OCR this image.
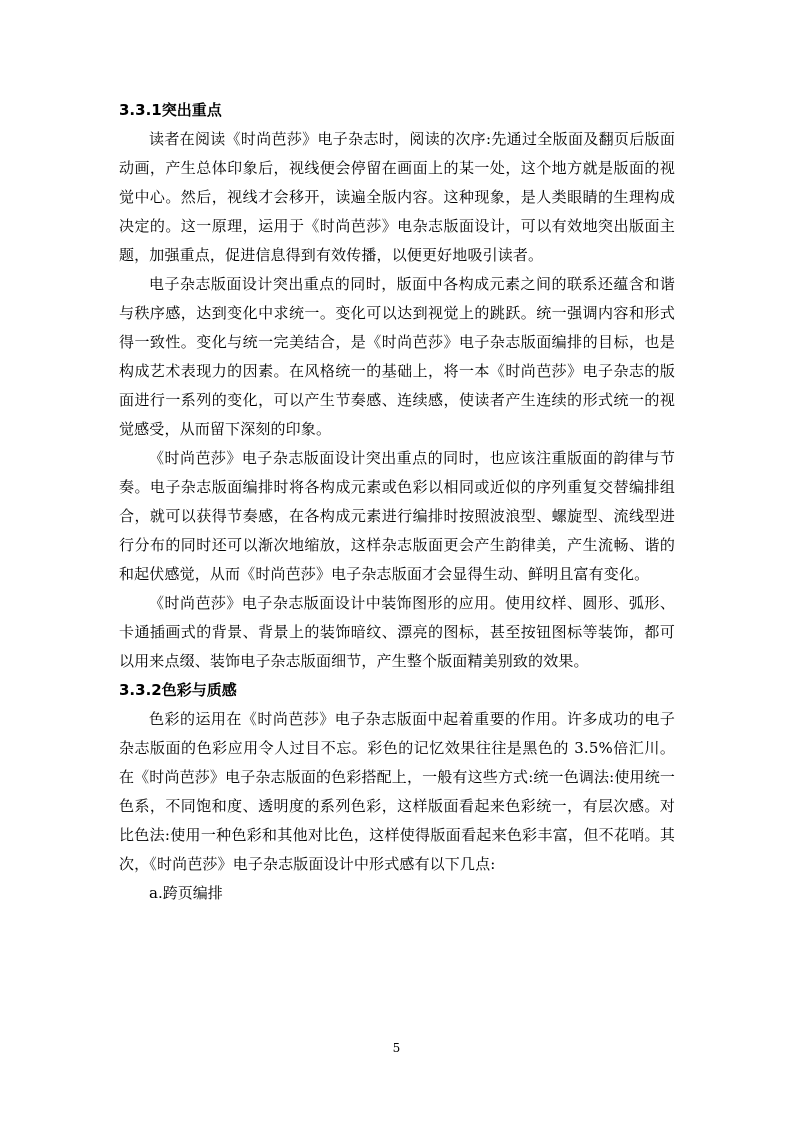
3.3.1突出重点

读者在阅读《时尚芭莎》电子杂志时，阅读的次序:先通过全版面及翻页后版面动画，产生总体印象后，视线便会停留在画面上的某一处，这个地方就是版面的视觉中心。然后，视线才会移开，读遍全版内容。这种现象，是人类眼睛的生理构成决定的。这一原理，运用于《时尚芭莎》电杂志版面设计，可以有效地突出版面主题，加强重点，促进信息得到有效传播，以便更好地吸引读者。

电子杂志版面设计突出重点的同时，版面中各构成元素之间的联系还蕴含和谐与秩序感，达到变化中求统一。变化可以达到视觉上的跳跃。统一强调内容和形式得一致性。变化与统一完美结合，是《时尚芭莎》电子杂志版面编排的目标，也是构成艺术表现力的因素。在风格统一的基础上，将一本《时尚芭莎》电子杂志的版面进行一系列的变化，可以产生节奏感、连续感，使读者产生连续的形式统一的视觉感受，从而留下深刻的印象。

《时尚芭莎》电子杂志版面设计突出重点的同时，也应该注重版面的韵律与节奏。电子杂志版面编排时将各构成元素或色彩以相同或近似的序列重复交替编排组合，就可以获得节奏感，在各构成元素进行编排时按照波浪型、螺旋型、流线型进行分布的同时还可以渐次地缩放，这样杂志版面更会产生韵律美，产生流畅、谐的和起伏感觉，从而《时尚芭莎》电子杂志版面才会显得生动、鲜明且富有变化。

《时尚芭莎》电子杂志版面设计中装饰图形的应用。使用纹样、圆形、弧形、卡通插画式的背景、背景上的装饰暗纹、漂亮的图标，甚至按钮图标等装饰，都可以用来点缀、装饰电子杂志版面细节，产生整个版面精美别致的效果。

3.3.2色彩与质感

色彩的运用在《时尚芭莎》电子杂志版面中起着重要的作用。许多成功的电子杂志版面的色彩应用令人过目不忘。彩色的记忆效果往往是黑色的 3.5%倍汇川。在《时尚芭莎》电子杂志版面的色彩搭配上，一般有这些方式:统一色调法:使用统一色系，不同饱和度、透明度的系列色彩，这样版面看起来色彩统一，有层次感。对比色法:使用一种色彩和其他对比色，这样使得版面看起来色彩丰富，但不花哨。其次，《时尚芭莎》电子杂志版面设计中形式感有以下几点:

a.跨页编排

5
